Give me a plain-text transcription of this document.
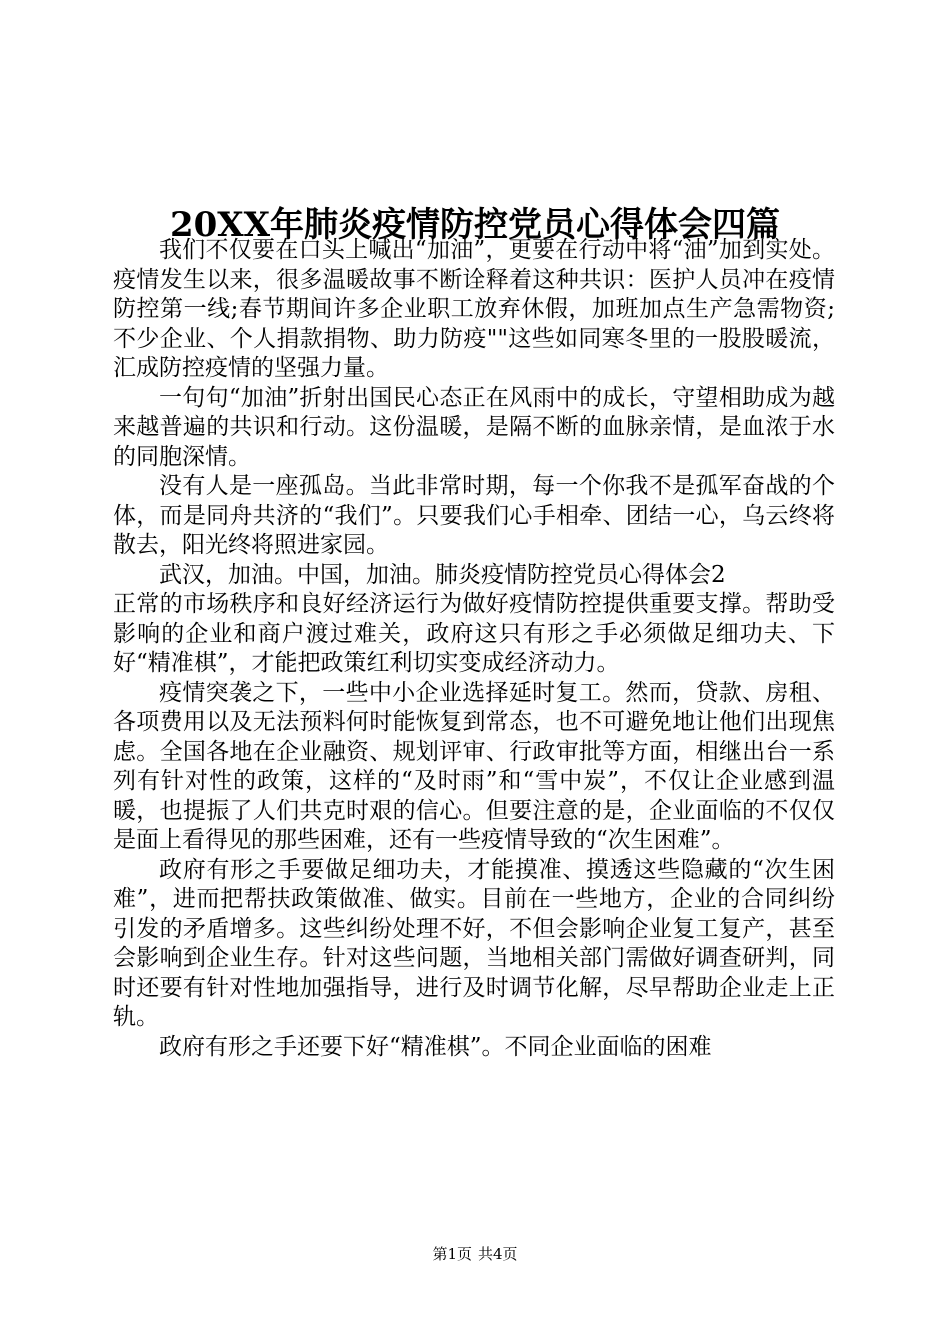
20XX年肺炎疫情防控党员心得体会四篇

我们不仅要在口头上喊出“加油”，更要在行动中将“油”加到实处。疫情发生以来，很多温暖故事不断诠释着这种共识：医护人员冲在疫情防控第一线;春节期间许多企业职工放弃休假，加班加点生产急需物资;不少企业、个人捐款捐物、助力防疫""这些如同寒冬里的一股股暖流，汇成防控疫情的坚强力量。

一句句“加油”折射出国民心态正在风雨中的成长，守望相助成为越来越普遍的共识和行动。这份温暖，是隔不断的血脉亲情，是血浓于水的同胞深情。

没有人是一座孤岛。当此非常时期，每一个你我不是孤军奋战的个体，而是同舟共济的“我们”。只要我们心手相牵、团结一心，乌云终将散去，阳光终将照进家园。

武汉，加油。中国，加油。肺炎疫情防控党员心得体会2

正常的市场秩序和良好经济运行为做好疫情防控提供重要支撑。帮助受影响的企业和商户渡过难关，政府这只有形之手必须做足细功夫、下好“精准棋”，才能把政策红利切实变成经济动力。

疫情突袭之下，一些中小企业选择延时复工。然而，贷款、房租、各项费用以及无法预料何时能恢复到常态，也不可避免地让他们出现焦虑。全国各地在企业融资、规划评审、行政审批等方面，相继出台一系列有针对性的政策，这样的“及时雨”和“雪中炭”，不仅让企业感到温暖，也提振了人们共克时艰的信心。但要注意的是，企业面临的不仅仅是面上看得见的那些困难，还有一些疫情导致的“次生困难”。

政府有形之手要做足细功夫，才能摸准、摸透这些隐藏的“次生困难”，进而把帮扶政策做准、做实。目前在一些地方，企业的合同纠纷引发的矛盾增多。这些纠纷处理不好，不但会影响企业复工复产，甚至会影响到企业生存。针对这些问题，当地相关部门需做好调查研判，同时还要有针对性地加强指导，进行及时调节化解，尽早帮助企业走上正轨。

政府有形之手还要下好“精准棋”。不同企业面临的困难

第1页 共4页
